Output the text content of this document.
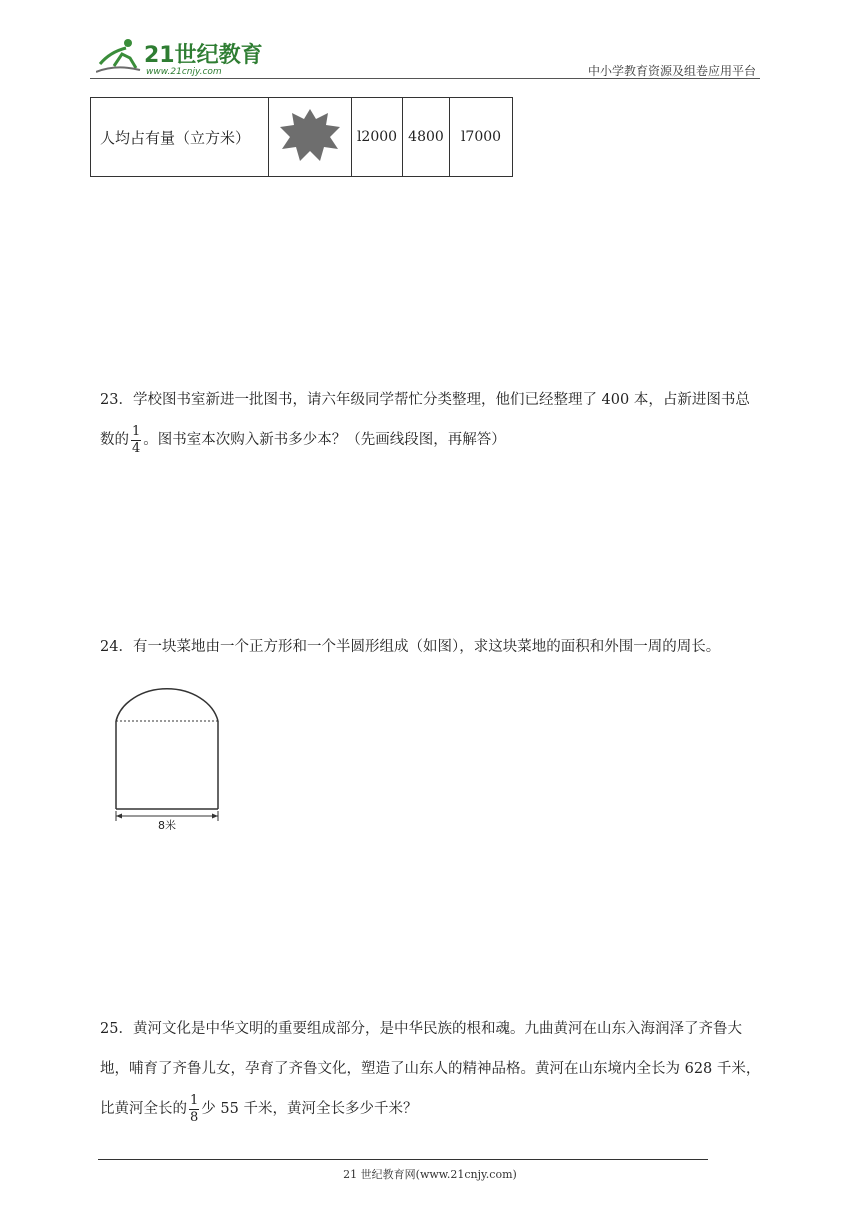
21世纪教育
www.21cnjy.com	中小学教育资源及组卷应用平台
人均占有量（立方米）		l2000	4800	l7000
23．学校图书室新进一批图书，请六年级同学帮忙分类整理，他们已经整理了 400 本，占新进图书总
数的 $\frac{1}{4}$ 。图书室本次购入新书多少本？（先画线段图，再解答）
24．有一块菜地由一个正方形和一个半圆形组成（如图），求这块菜地的面积和外围一周的周长。
8米
25．黄河文化是中华文明的重要组成部分，是中华民族的根和魂。九曲黄河在山东入海润泽了齐鲁大
地，哺育了齐鲁儿女，孕育了齐鲁文化，塑造了山东人的精神品格。黄河在山东境内全长为 628 千米，
比黄河全长的 $\frac{1}{8}$ 少 55 千米，黄河全长多少千米？
21 世纪教育网(www.21cnjy.com)
